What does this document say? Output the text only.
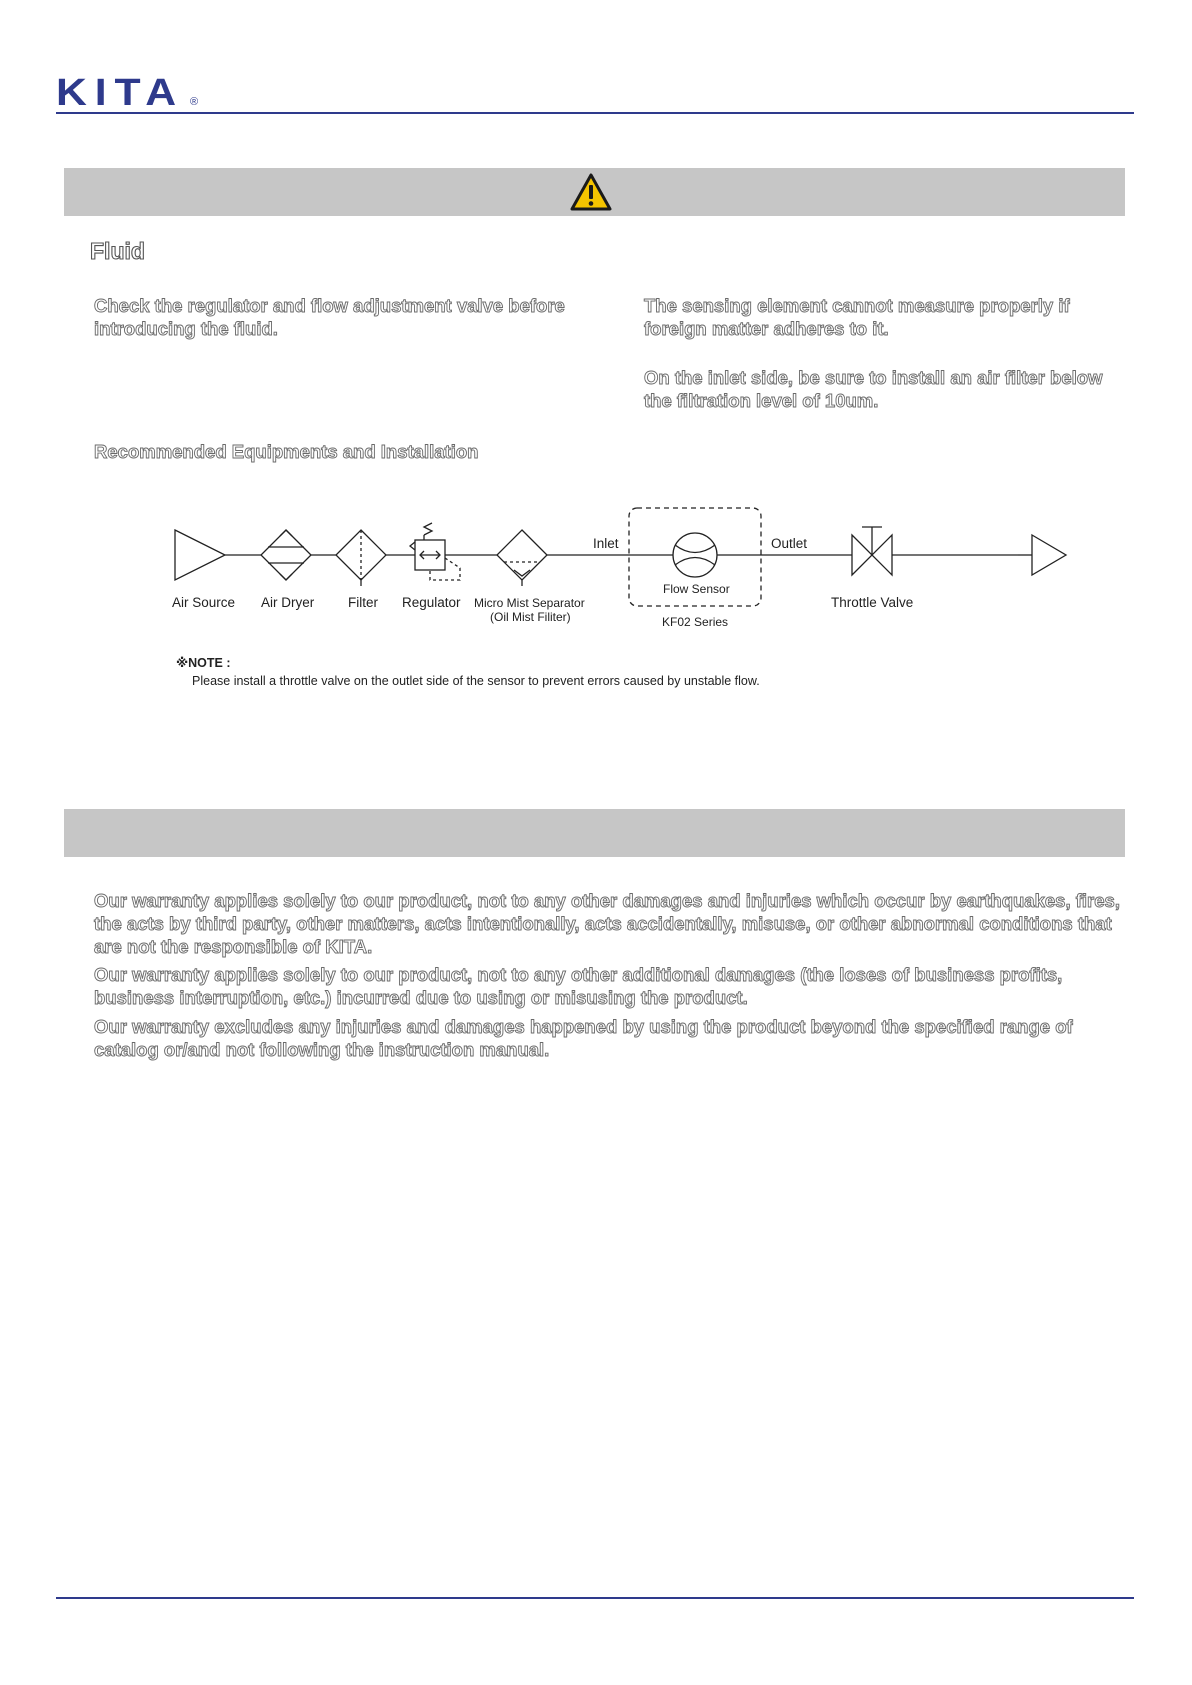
KITA ®
Fluid
Check the regulator and flow adjustment valve before introducing the fluid.
The sensing element cannot measure properly if foreign matter adheres to it.
On the inlet side, be sure to install an air filter below the filtration level of 10um.
Recommended Equipments and Installation
Air Source Air Dryer	Filter Regulator Micro Mist Separator
(Oil Mist Filiter)
Inlet	Outlet
Flow Sensor
KF02 Series
Throttle Valve
※NOTE :
Please install a throttle valve on the outlet side of the sensor to prevent errors caused by unstable flow.
Our warranty applies solely to our product, not to any other damages and injuries which occur by earthquakes, fires, the acts by third party, other matters, acts intentionally, acts accidentally, misuse, or other abnormal conditions that are not the responsible of KITA.
Our warranty applies solely to our product, not to any other additional damages (the loses of business profits, business interruption, etc.) incurred due to using or misusing the product.
Our warranty excludes any injuries and damages happened by using the product beyond the specified range of catalog or/and not following the instruction manual.
